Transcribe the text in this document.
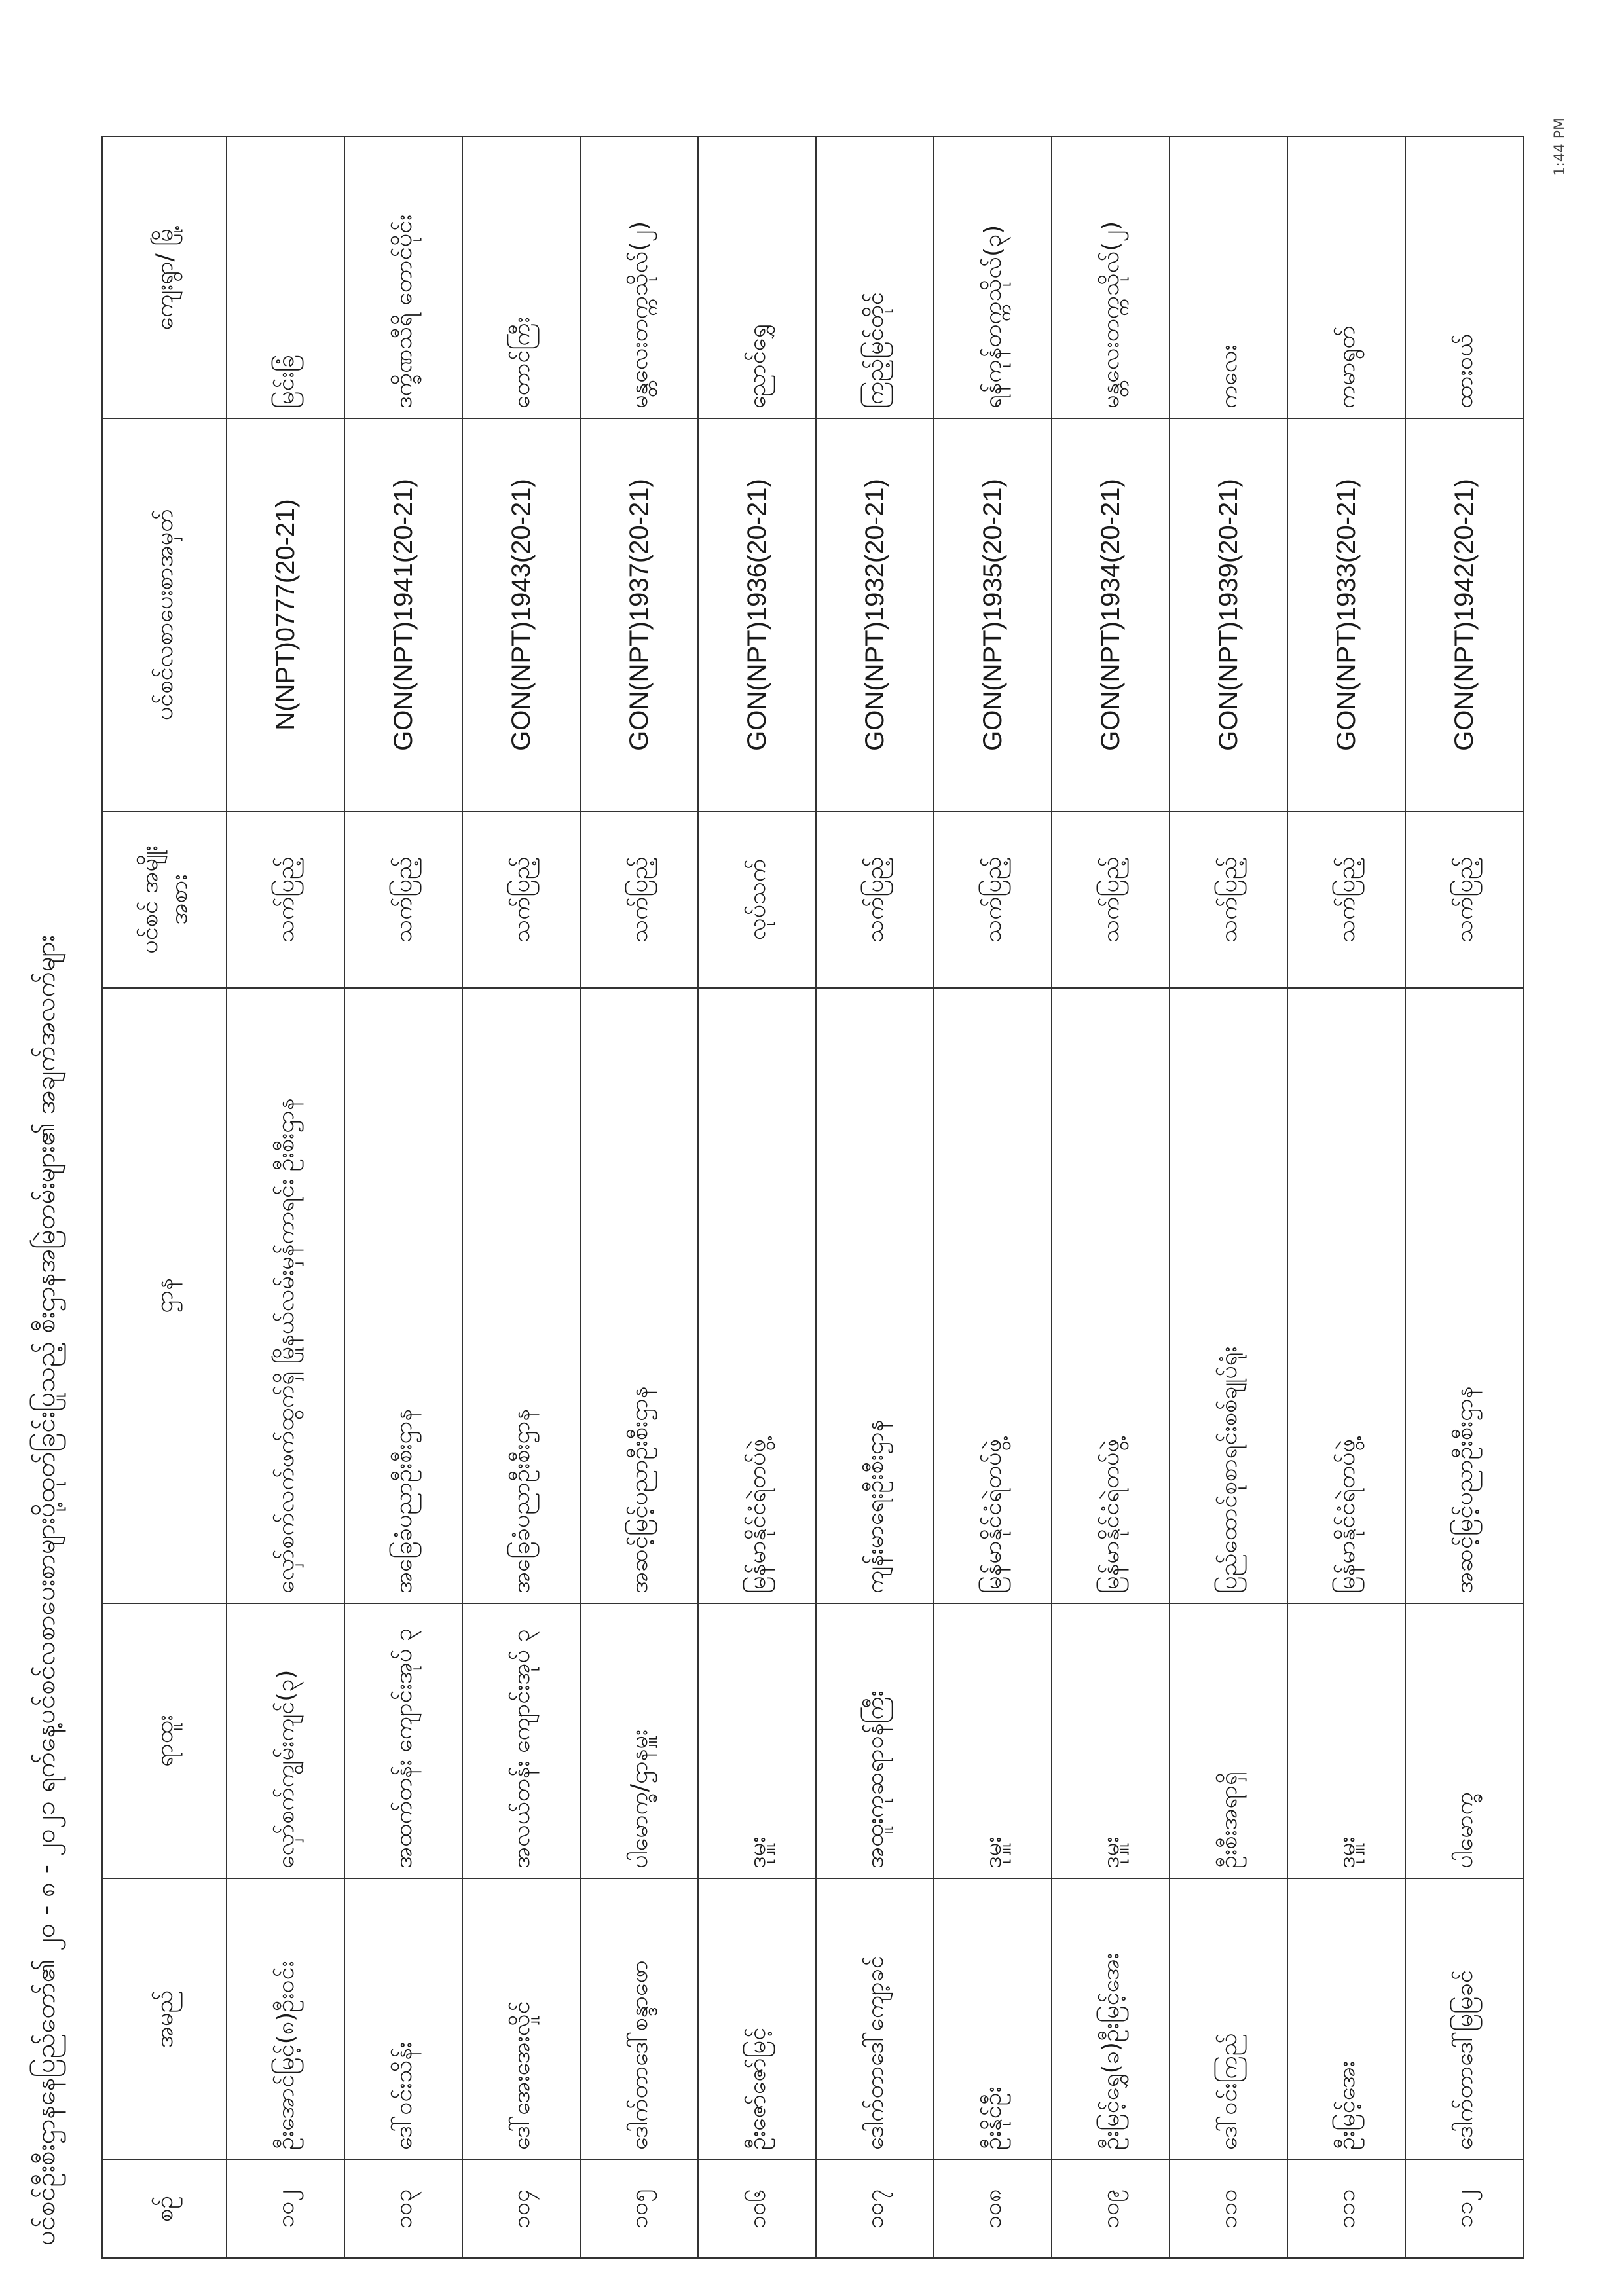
ပင်စင်ဦးစီးဌာနနေပြည်တော်၏ ၂၀ - ၈ - ၂၀၂၁ ရက်နေ့ပင်စင်လစာပေးစာများပို့ထုတ်ခြင်းပြုသည့် စီးဌာနအမြဲတမ်းများ၏ အချက်အလက်များ
1:44 PM
စဉ်	အမည်	ရာထူး	ဌာန	ပင်စင် အမျိုးအစား	ပင်စင်လစာပေးစာအမှတ်	ကျေးရွာ/ မြို့
၁၀၂	ဦးအောင်မြင့်(၈)ဦးဝင်း	လှော်စက်ကျွမ်းကျင်(၃)	လှော်စက်လက်ဖက်ထွက်ရှိ မြိုနယ်လမ်းမှန်ကာရင်း ဦးစီးဌာန	သက်ပြည့်	N(NPT)0777(20-21)	မြင်းခြံ
၁၀၃	ဒေါ်ဝင်းသိန်း	အထက်တန်း ကျောင်းအုပ် ၃	အခြေခံပညာဦးစီးဌာန	သက်ပြည့်	GON(NPT)1941(20-21)	ဒက္ခိဏသီရိ တောင်ပိုင်း
၁၀၄	ဒေါ်အေးအေးလှိုင်	အလယ်တန်း ကျောင်းအုပ် ၃	အခြေခံပညာဦးစီးဌာန	သက်ပြည့်	GON(NPT)1943(20-21)	တောင်ကြီး
၁၀၅	ဒေါက်တာဒေါ်စန္ဒာဖော	ပါမောက္ခ/ဌာနမှူး	အဆင့်မြင့်ပညာဦးစီးဌာန	သက်ပြည့်	GON(NPT)1937(20-21)	မန္တလေးတက္ကသိုလ်(၂)
၁၀၆	ဦးဇော်ဇော်မြင့်	ဒုမှူး	မြန်မာနိုင်ငံရဲတပ်ဖွဲ့	လုပ်သက်	GON(NPT)1936(20-21)	ညောင်ရွှေ
၁၀၇	ဒေါက်တာဒေါ်ကျော့ခင်	အထူးကုဆရာဝန်ကြီး	ကျန်းမာရေးဦးစီးဌာန	သက်ပြည့်	GON(NPT)1932(20-21)	ကြည့်မြင်တိုင်
၁၀၈	ဦးနိုင်ဦး	ဒုမှူး	မြန်မာနိုင်ငံရဲတပ်ဖွဲ့	သက်ပြည့်	GON(NPT)1935(20-21)	ရန်ကုန်တက္ကသိုလ်(၃)
၁၀၉	ဦးမြင့်ရွှေ(ခ)ဦးမြင့်အေး	ဒုမှူး	မြန်မာနိုင်ငံရဲတပ်ဖွဲ့	သက်ပြည့်	GON(NPT)1934(20-21)	မန္တလေးတက္ကသိုလ်(၂)
၁၁၀	ဒေါ်ဝင်းကြည်	ဦးစီးအရာရှိ	ပြည်ထောင်စုစာရင်းစစ်ချုပ်ရုံး	သက်ပြည့်	GON(NPT)1939(20-21)	ကလေး
၁၁၁	ဦးမြင့်အေး	ဒုမှူး	မြန်မာနိုင်ငံရဲတပ်ဖွဲ့	သက်ပြည့်	GON(NPT)1933(20-21)	ကမာရွတ်
၁၁၂	ဒေါက်တာဒေါ်မြမြခင်	ပါမောက္ခ	အဆင့်မြင့်ပညာဦးစီးဌာန	သက်ပြည့်	GON(NPT)1942(20-21)	ထားဝယ်
